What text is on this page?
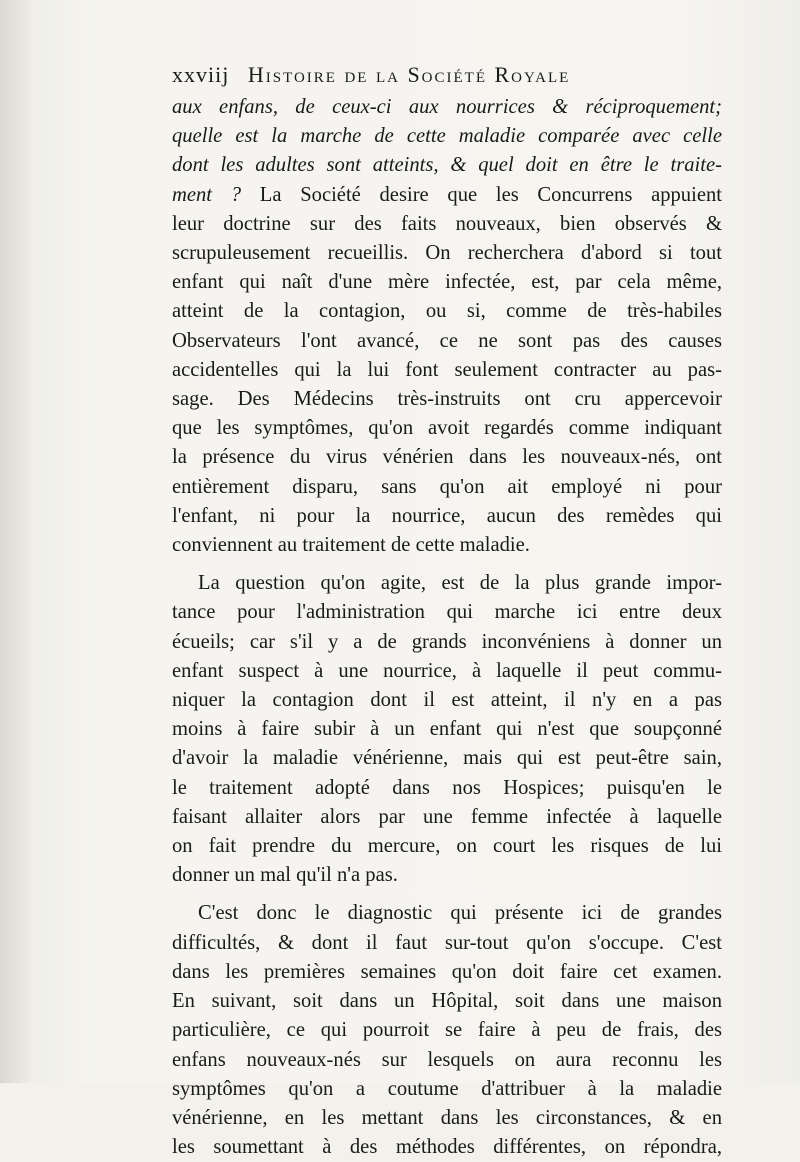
xxviij Histoire de la Société Royale
aux enfans, de ceux-ci aux nourrices & réciproquement;
quelle est la marche de cette maladie comparée avec celle
dont les adultes sont atteints, & quel doit en être le traite-
ment ? La Société desire que les Concurrens appuient
leur doctrine sur des faits nouveaux, bien observés &
scrupuleusement recueillis. On recherchera d'abord si tout
enfant qui naît d'une mère infectée, est, par cela même,
atteint de la contagion, ou si, comme de très-habiles
Observateurs l'ont avancé, ce ne sont pas des causes
accidentelles qui la lui font seulement contracter au pas-
sage. Des Médecins très-instruits ont cru appercevoir
que les symptômes, qu'on avoit regardés comme indiquant
la présence du virus vénérien dans les nouveaux-nés, ont
entièrement disparu, sans qu'on ait employé ni pour
l'enfant, ni pour la nourrice, aucun des remèdes qui
conviennent au traitement de cette maladie.
La question qu'on agite, est de la plus grande impor-
tance pour l'administration qui marche ici entre deux
écueils; car s'il y a de grands inconvéniens à donner un
enfant suspect à une nourrice, à laquelle il peut commu-
niquer la contagion dont il est atteint, il n'y en a pas
moins à faire subir à un enfant qui n'est que soupçonné
d'avoir la maladie vénérienne, mais qui est peut-être sain,
le traitement adopté dans nos Hospices; puisqu'en le
faisant allaiter alors par une femme infectée à laquelle
on fait prendre du mercure, on court les risques de lui
donner un mal qu'il n'a pas.
C'est donc le diagnostic qui présente ici de grandes
difficultés, & dont il faut sur-tout qu'on s'occupe. C'est
dans les premières semaines qu'on doit faire cet examen.
En suivant, soit dans un Hôpital, soit dans une maison
particulière, ce qui pourroit se faire à peu de frais, des
enfans nouveaux-nés sur lesquels on aura reconnu les
symptômes qu'on a coutume d'attribuer à la maladie
vénérienne, en les mettant dans les circonstances, & en
les soumettant à des méthodes différentes, on répondra,
